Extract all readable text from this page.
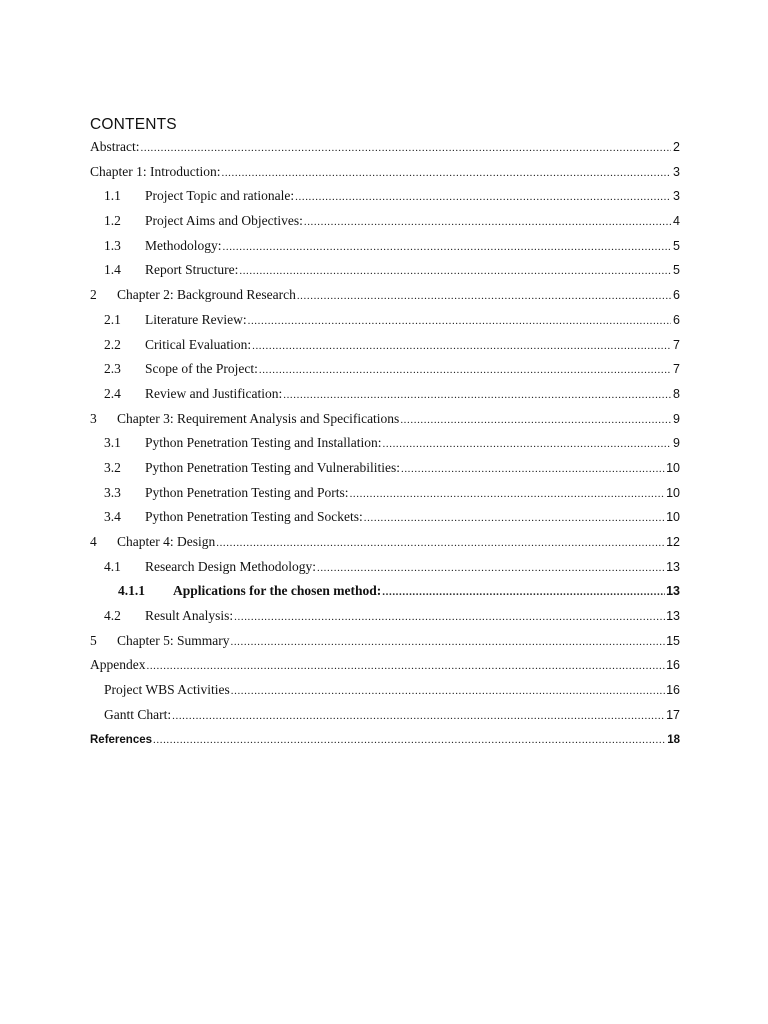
CONTENTS
Abstract: .....	2
Chapter 1: Introduction: .....	3
1.1	Project Topic and rationale: .....	3
1.2	Project Aims and Objectives: .....	4
1.3	Methodology: .....	5
1.4	Report Structure: .....	5
2	Chapter 2: Background Research .....	6
2.1	Literature Review: .....	6
2.2	Critical Evaluation: .....	7
2.3	Scope of the Project: .....	7
2.4	Review and Justification: .....	8
3	Chapter 3: Requirement Analysis and Specifications .....	9
3.1	Python Penetration Testing and Installation: .....	9
3.2	Python Penetration Testing and Vulnerabilities: .....	10
3.3	Python Penetration Testing and Ports: .....	10
3.4	Python Penetration Testing and Sockets: .....	10
4	Chapter 4: Design .....	12
4.1	Research Design Methodology: .....	13
4.1.1	Applications for the chosen method: .....	13
4.2	Result Analysis: .....	13
5	Chapter 5: Summary .....	15
Appendex .....	16
Project WBS Activities .....	16
Gantt Chart: .....	17
References .....	18
